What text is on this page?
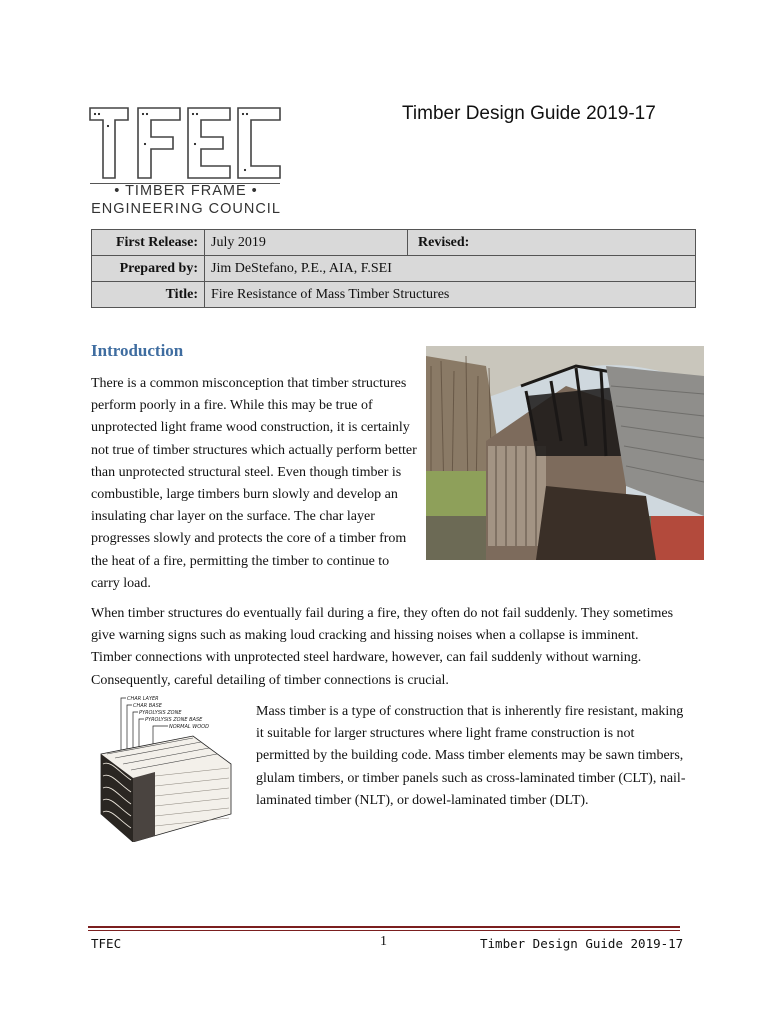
• TIMBER FRAME •
ENGINEERING COUNCIL
Timber Design Guide 2019-17
First Release:	July 2019	Revised:
Prepared by:	Jim DeStefano, P.E., AIA, F.SEI	
Title:	Fire Resistance of Mass Timber Structures	
Introduction
There is a common misconception that timber structures perform poorly in a fire. While this may be true of unprotected light frame wood construction, it is certainly not true of timber structures which actually perform better than unprotected structural steel. Even though timber is combustible, large timbers burn slowly and develop an insulating char layer on the surface. The char layer progresses slowly and protects the core of a timber from the heat of a fire, permitting the timber to continue to carry load.
When timber structures do eventually fail during a fire, they often do not fail suddenly. They sometimes give warning signs such as making loud cracking and hissing noises when a collapse is imminent. Timber connections with unprotected steel hardware, however, can fail suddenly without warning. Consequently, careful detailing of timber connections is crucial.
CHAR LAYER
CHAR BASE
PYROLYSIS ZONE
PYROLYSIS ZONE BASE
NORMAL WOOD
Mass timber is a type of construction that is inherently fire resistant, making it suitable for larger structures where light frame construction is not permitted by the building code. Mass timber elements may be sawn timbers, glulam timbers, or timber panels such as cross-laminated timber (CLT), nail-laminated timber (NLT), or dowel-laminated timber (DLT).
TFEC	1	Timber Design Guide 2019-17
